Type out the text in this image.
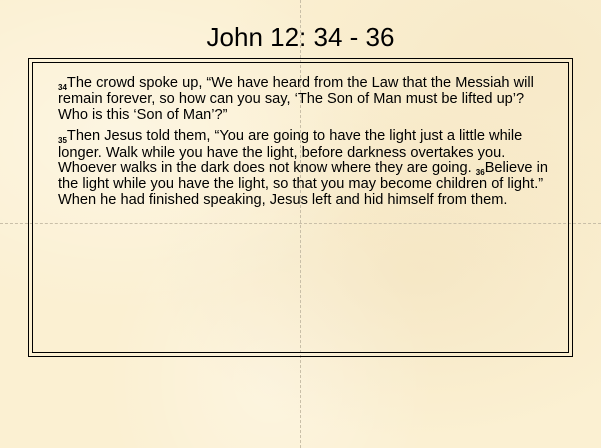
John 12: 34 - 36

$_{34}$The crowd spoke up, “We have heard from the Law that the Messiah will remain forever, so how can you say, ‘The Son of Man must be lifted up’? Who is this ‘Son of Man’?”

$_{35}$Then Jesus told them, “You are going to have the light just a little while longer. Walk while you have the light, before darkness overtakes you. Whoever walks in the dark does not know where they are going. $_{36}$Believe in the light while you have the light, so that you may become children of light.” When he had finished speaking, Jesus left and hid himself from them.
